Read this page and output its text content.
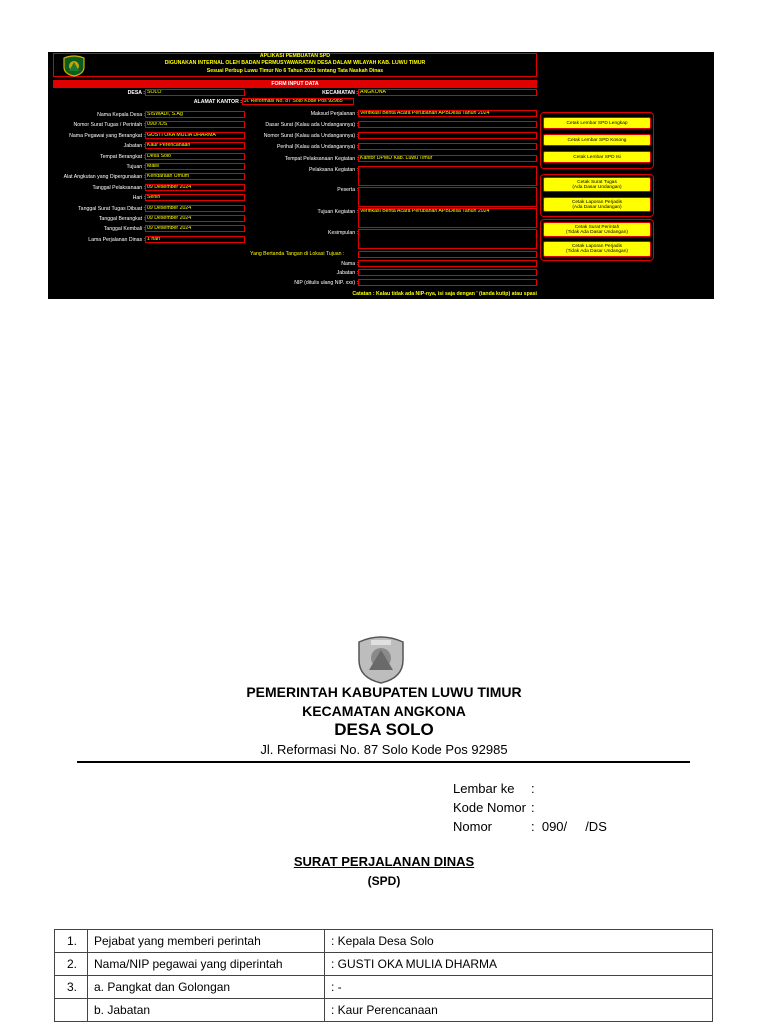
APLIKASI PEMBUATAN SPD
DIGUNAKAN INTERNAL OLEH BADAN PERMUSYAWARATAN DESA DALAM WILAYAH KAB. LUWU TIMUR
Sesuai Perbup Luwu Timur No 6 Tahun 2021 tentang Tata Naskah Dinas
FORM INPUT DATA
DESA : SOLO	KECAMATAN : ANGKONA
ALAMAT KANTOR : Jl. Reformasi No. 87 Solo Kode Pos 92985
Nama Kepala Desa : SISWADI, S.Ag
Nomor Surat Tugas / Perintah : 090/ /DS
Nama Pegawai yang Berangkat : GUSTI OKA MULIA DHARMA
Jabatan : Kaur Perencanaan
Tempat Berangkat : Desa Solo
Tujuan : Malili
Alat Angkutan yang Dipergunakan : Kendaraan Umum
Tanggal Pelaksanaan : 09 Desember 2024
Hari : Senin
Tanggal Surat Tugas Dibuat : 09 Desember 2024
Tanggal Berangkat : 09 Desember 2024
Tanggal Kembali : 09 Desember 2024
Lama Perjalanan Dinas : 1 hari
Maksud Perjalanan : Verifikasi Berita Acara Perubahan APBDesa Tahun 2024
Dasar Surat (Kalau ada Undangannya) :
Nomor Surat (Kalau ada Undangannya) :
Perihal (Kalau ada Undangannya) :
Tempat Pelaksanaan Kegiatan : Kantor DPMD Kab. Luwu Timur
Pelaksana Kegiatan :
Peserta :
Tujuan Kegiatan : Verifikasi Berita Acara Perubahan APBDesa Tahun 2024
Kesimpulan :
Yang Bertanda Tangan di Lokasi Tujuan :
Nama :
Jabatan :
NIP (ditulis ulang NIP. xxx) :
Catatan : Kalau tidak ada NIP-nya, isi saja dengan ' (tanda kutip) atau spasi
Cetak Lembar SPD Lengkap
Cetak Lembar SPD Kosong
Cetak Lembar SPD Isi
Cetak Surat Tugas
(Ada Dasar Undangan)
Cetak Laporan Perjadis
(Ada Dasar Undangan)
Cetak Surat Perintah
(Tidak Ada Dasar Undangan)
Cetak Laporan Perjadis
(Tidak Ada Dasar Undangan)
PEMERINTAH KABUPATEN LUWU TIMUR
KECAMATAN ANGKONA
DESA SOLO
Jl. Reformasi No. 87 Solo Kode Pos 92985
Lembar ke :
Kode Nomor :
Nomor	:  090/     /DS
SURAT PERJALANAN DINAS
(SPD)
1.	Pejabat yang memberi perintah	: Kepala Desa Solo
2.	Nama/NIP pegawai yang diperintah	: GUSTI OKA MULIA DHARMA
3.	a. Pangkat dan Golongan	: -
	b. Jabatan	: Kaur Perencanaan
